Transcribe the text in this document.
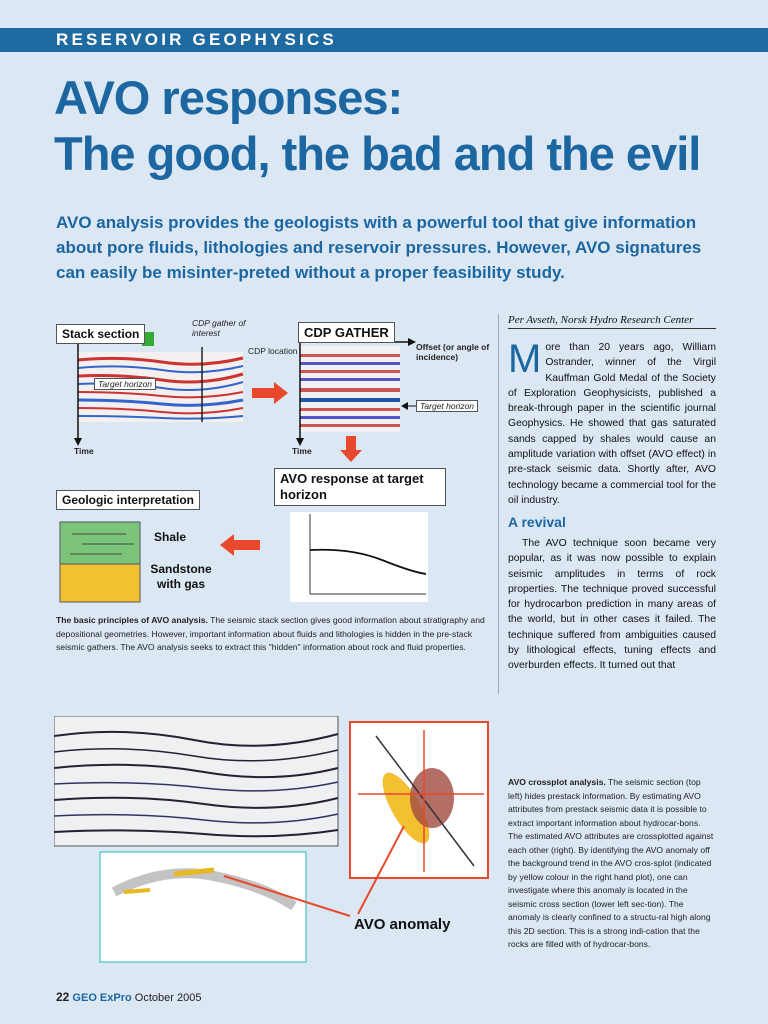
RESERVOIR GEOPHYSICS
AVO responses:
The good, the bad and the evil
AVO analysis provides the geologists with a powerful tool that give information about pore fluids, lithologies and reservoir pressures. However, AVO signatures can easily be misinter-preted without a proper feasibility study.
Stack section
CDP gather of interest
CDP location
Target horizon
Time
CDP GATHER
Offset (or angle of incidence)
Target horizon
Time
AVO response at target horizon
Geologic interpretation
Shale
Sandstone with gas
The basic principles of AVO analysis. The seismic stack section gives good information about stratigraphy and depositional geometries. However, important information about fluids and lithologies is hidden in the pre-stack seismic gathers. The AVO analysis seeks to extract this "hidden" information about rock and fluid properties.
Per Avseth, Norsk Hydro Research Center
More than 20 years ago, William Ostrander, winner of the Virgil Kauffman Gold Medal of the Society of Exploration Geophysicists, published a break-through paper in the scientific journal Geophysics. He showed that gas saturated sands capped by shales would cause an amplitude variation with offset (AVO effect) in pre-stack seismic data. Shortly after, AVO technology became a commercial tool for the oil industry.
A revival
The AVO technique soon became very popular, as it was now possible to explain seismic amplitudes in terms of rock properties. The technique proved successful for hydrocarbon prediction in many areas of the world, but in other cases it failed. The technique suffered from ambiguities caused by lithological effects, tuning effects and overburden effects. It turned out that
AVO anomaly
AVO crossplot analysis. The seismic section (top left) hides prestack information. By estimating AVO attributes from prestack seismic data it is possible to extract important information about hydrocar-bons. The estimated AVO attributes are crossplotted against each other (right). By identifying the AVO anomaly off the background trend in the AVO cros-splot (indicated by yellow colour in the right hand plot), one can investigate where this anomaly is located in the seismic cross section (lower left sec-tion). The anomaly is clearly confined to a structu-ral high along this 2D section. This is a strong indi-cation that the rocks are filled with of hydrocar-bons.
22 GEO ExPro October 2005
